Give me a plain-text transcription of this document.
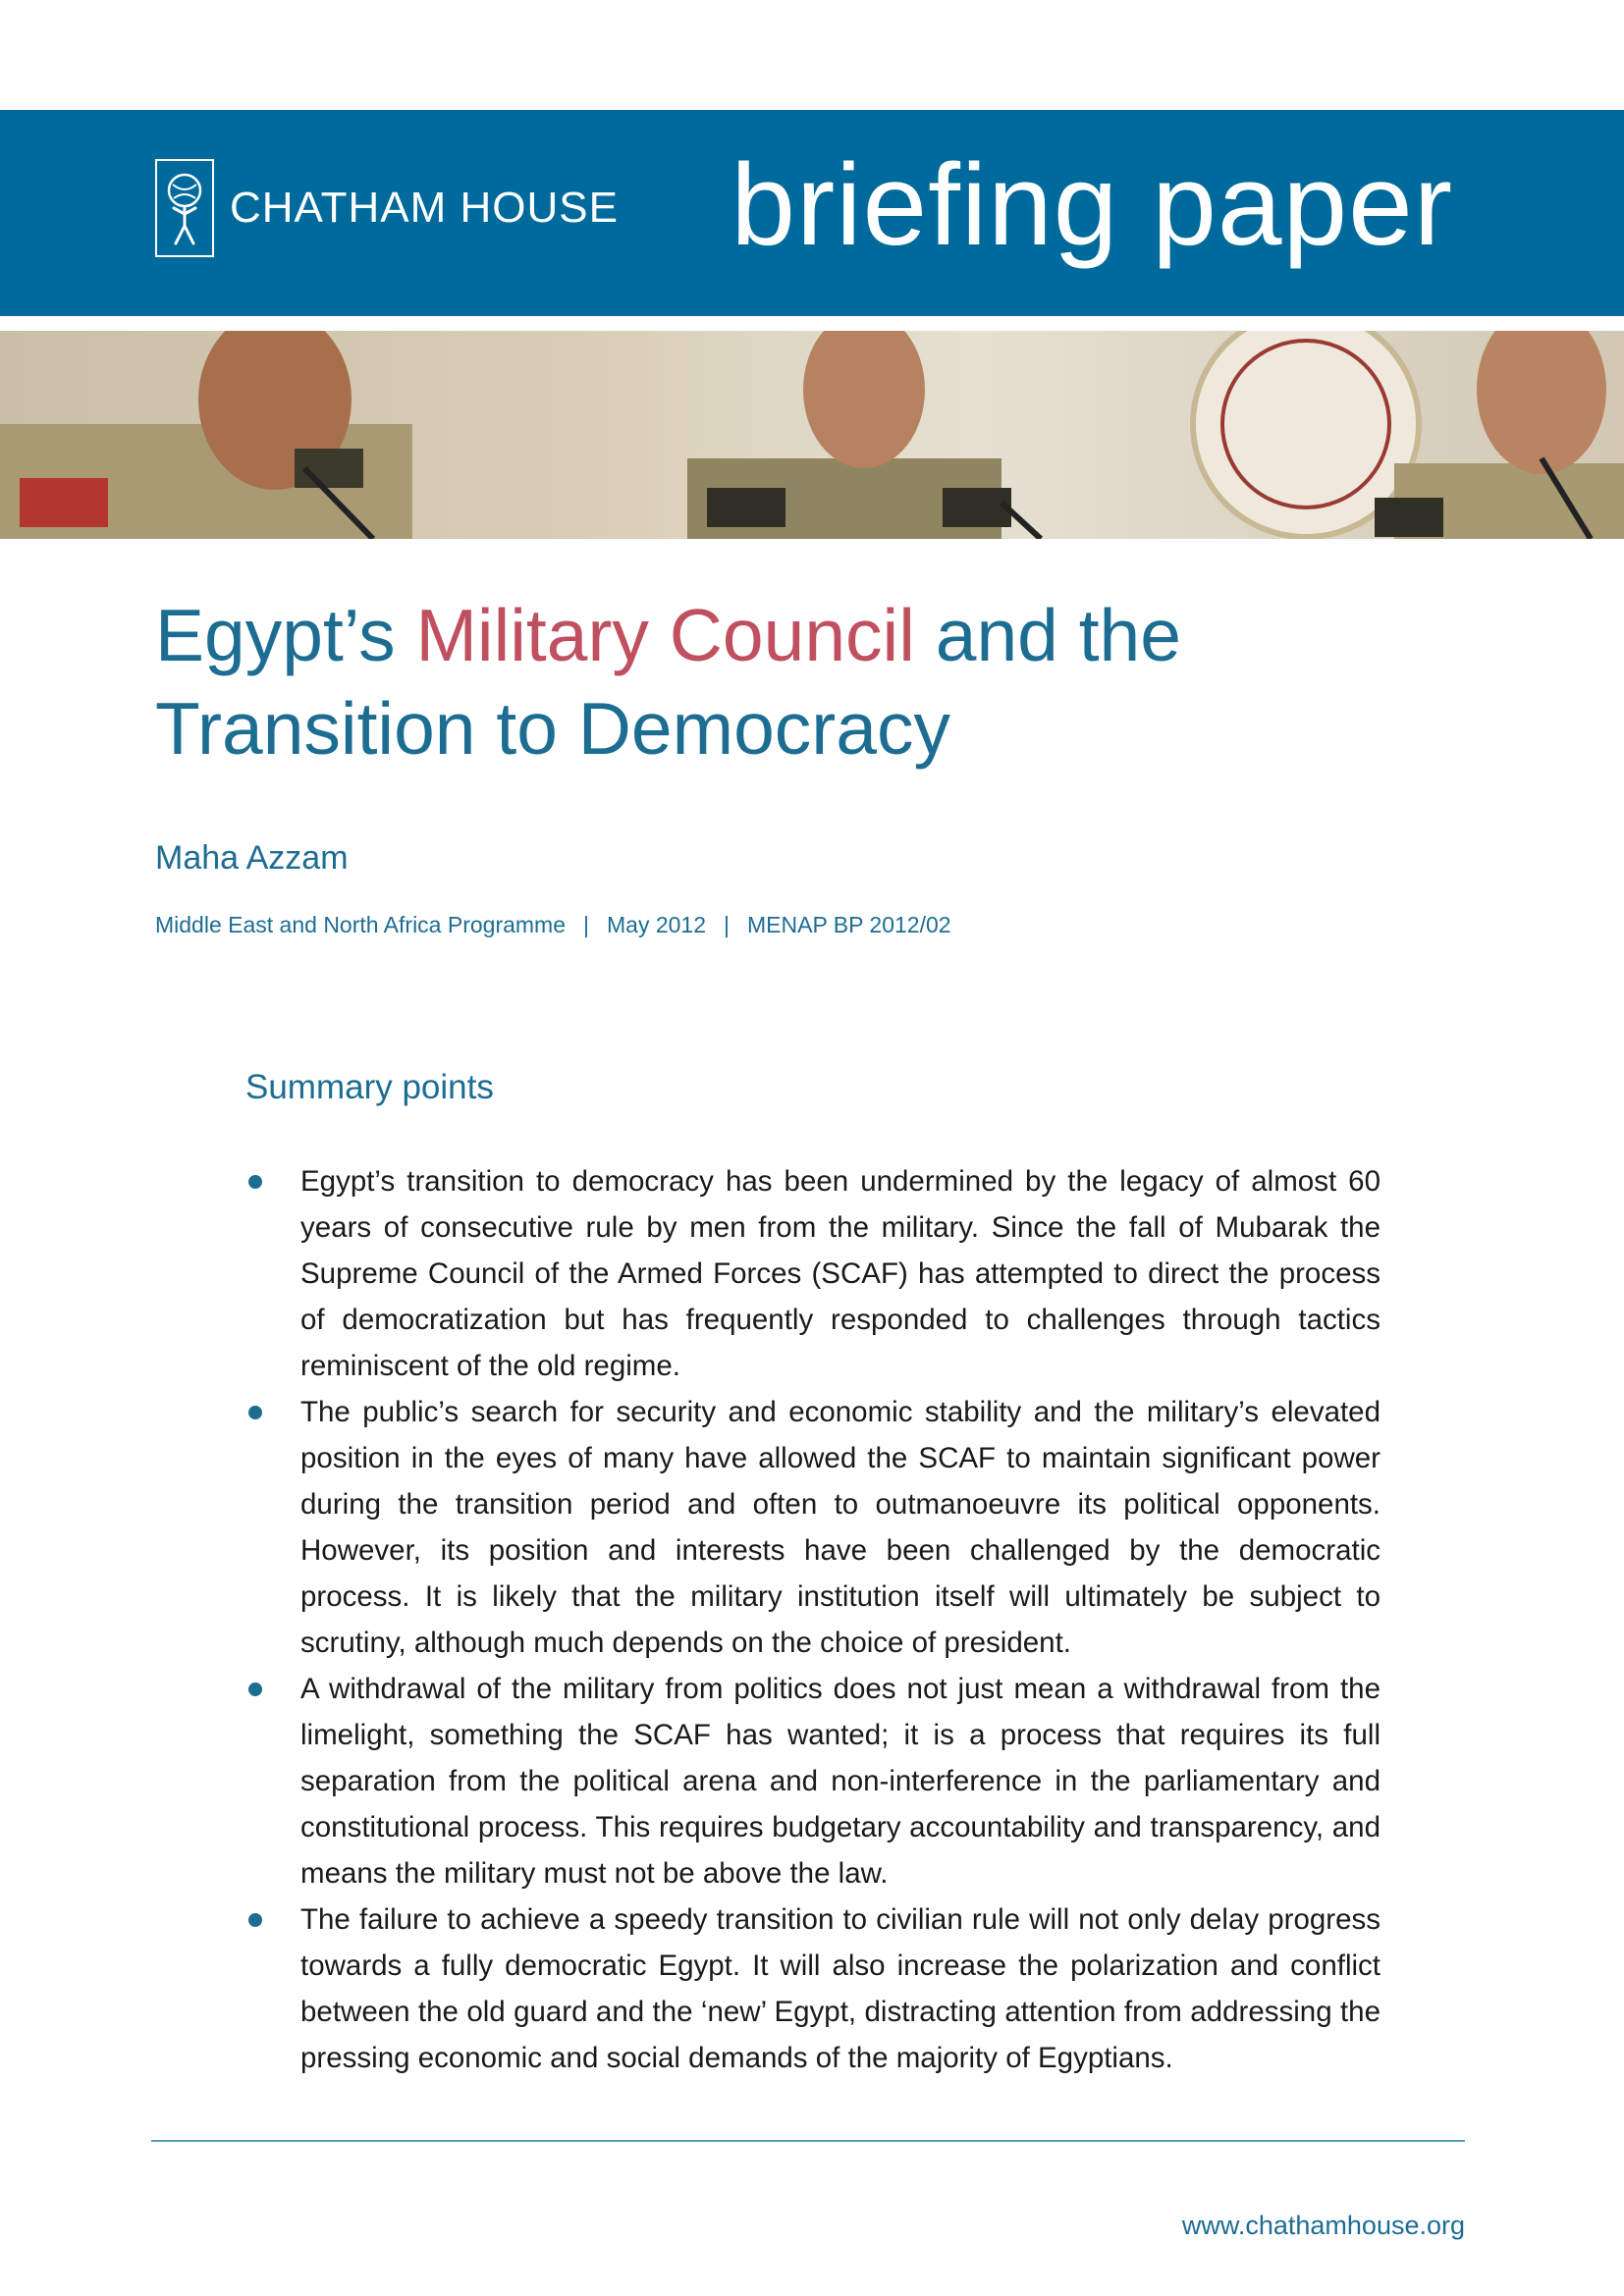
CHATHAM HOUSE briefing paper
Egypt’s Military Council and the
Transition to Democracy
Maha Azzam
Middle East and North Africa Programme | May 2012 | MENAP BP 2012/02
Summary points
Egypt’s transition to democracy has been undermined by the legacy of almost 60 years of consecutive rule by men from the military. Since the fall of Mubarak the Supreme Council of the Armed Forces (SCAF) has attempted to direct the process of democratization but has frequently responded to challenges through tactics reminiscent of the old regime.
The public’s search for security and economic stability and the military’s elevated position in the eyes of many have allowed the SCAF to maintain significant power during the transition period and often to outmanoeuvre its political opponents. However, its position and interests have been challenged by the democratic process. It is likely that the military institution itself will ultimately be subject to scrutiny, although much depends on the choice of president.
A withdrawal of the military from politics does not just mean a withdrawal from the limelight, something the SCAF has wanted; it is a process that requires its full separation from the political arena and non-interference in the parliamentary and constitutional process. This requires budgetary accountability and transparency, and means the military must not be above the law.
The failure to achieve a speedy transition to civilian rule will not only delay progress towards a fully democratic Egypt. It will also increase the polarization and conflict between the old guard and the ‘new’ Egypt, distracting attention from addressing the pressing economic and social demands of the majority of Egyptians.
www.chathamhouse.org
